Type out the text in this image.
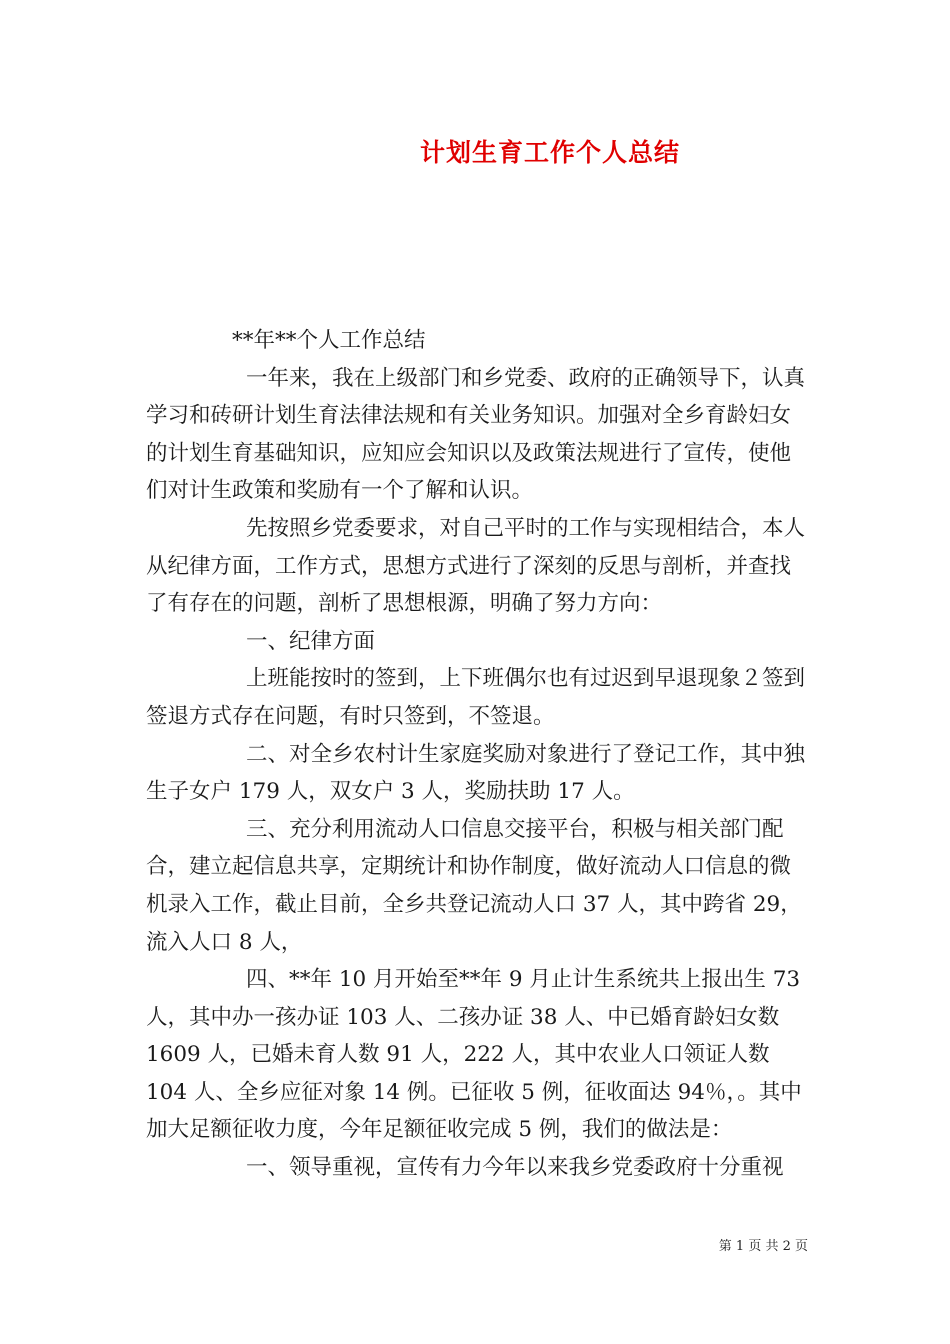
计划生育工作个人总结

**年**个人工作总结

一年来，我在上级部门和乡党委、政府的正确领导下，认真学习和砖研计划生育法律法规和有关业务知识。加强对全乡育龄妇女的计划生育基础知识，应知应会知识以及政策法规进行了宣传，使他们对计生政策和奖励有一个了解和认识。

先按照乡党委要求，对自己平时的工作与实现相结合，本人从纪律方面，工作方式，思想方式进行了深刻的反思与剖析，并查找了有存在的问题，剖析了思想根源，明确了努力方向：

一、纪律方面

上班能按时的签到，上下班偶尔也有过迟到早退现象２签到签退方式存在问题，有时只签到，不签退。

二、对全乡农村计生家庭奖励对象进行了登记工作，其中独生子女户 179 人，双女户 3 人，奖励扶助 17 人。

三、充分利用流动人口信息交接平台，积极与相关部门配合，建立起信息共享，定期统计和协作制度，做好流动人口信息的微机录入工作，截止目前，全乡共登记流动人口 37 人，其中跨省 29，流入人口 8 人，

四、**年 10 月开始至**年 9 月止计生系统共上报出生 73 人，其中办一孩办证 103 人、二孩办证 38 人、中已婚育龄妇女数 1609 人，已婚未育人数 91 人，222 人，其中农业人口领证人数 104 人、全乡应征对象 14 例。已征收 5 例，征收面达 94％，。其中加大足额征收力度，今年足额征收完成 5 例，我们的做法是：

一、领导重视，宣传有力今年以来我乡党委政府十分重视

第 1 页 共 2 页
